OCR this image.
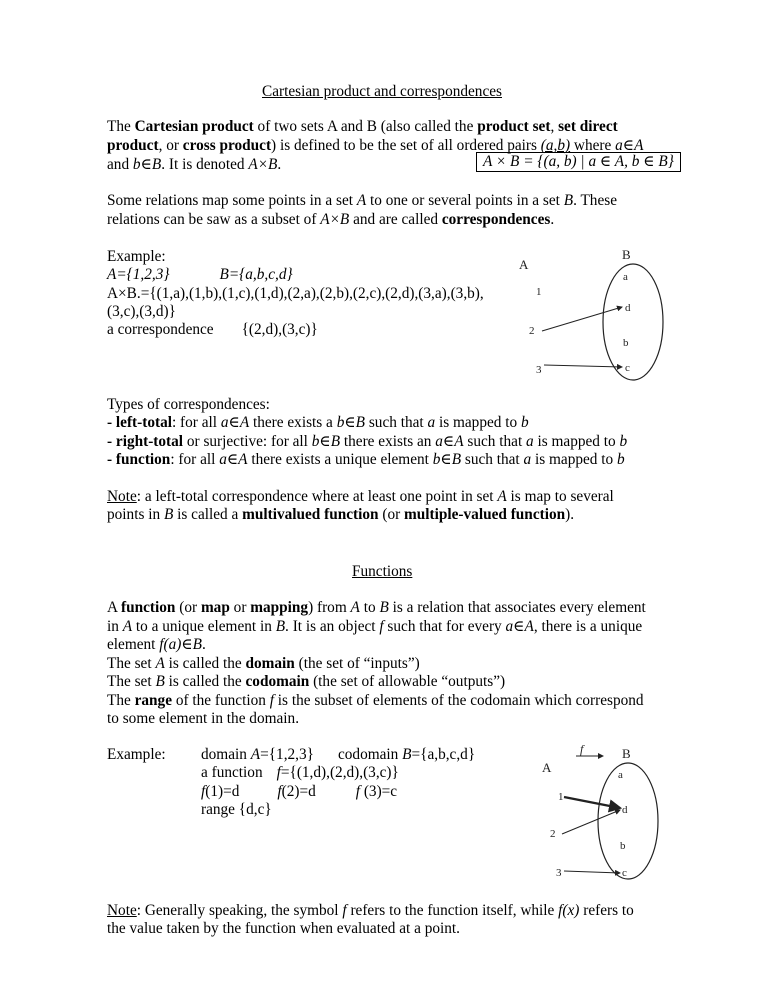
Cartesian product and correspondences
The Cartesian product of two sets A and B (also called the product set, set direct
product, or cross product) is defined to be the set of all ordered pairs (a,b) where a∈A
and b∈B. It is denoted A×B.	A × B = {(a, b) | a ∈ A, b ∈ B}
Some relations map some points in a set A to one or several points in a set B. These
relations can be saw as a subset of A×B and are called correspondences.
Example:
A={1,2,3}	B={a,b,c,d}
A×B.={(1,a),(1,b),(1,c),(1,d),(2,a),(2,b),(2,c),(2,d),(3,a),(3,b),
(3,c),(3,d)}
a correspondence {(2,d),(3,c)}
A
B
1
2
3
a
d
b
c
Types of correspondences:
- left-total: for all a∈A there exists a b∈B such that a is mapped to b
- right-total or surjective: for all b∈B there exists an a∈A such that a is mapped to b
- function: for all a∈A there exists a unique element b∈B such that a is mapped to b
Note: a left-total correspondence where at least one point in set A is map to several
points in B is called a multivalued function (or multiple-valued function).
Functions
A function (or map or mapping) from A to B is a relation that associates every element
in A to a unique element in B. It is an object f such that for every a∈A, there is a unique
element f(a)∈B.
The set A is called the domain (the set of “inputs”)
The set B is called the codomain (the set of allowable “outputs”)
The range of the function f is the subset of elements of the codomain which correspond
to some element in the domain.
Example: domain A={1,2,3} codomain B={a,b,c,d}
a function f={(1,d),(2,d),(3,c)}
f(1)=d f(2)=d	f (3)=c
range {d,c}
A
B
f
1
2
3
a
d
b
c
Note: Generally speaking, the symbol f refers to the function itself, while f(x) refers to
the value taken by the function when evaluated at a point.
